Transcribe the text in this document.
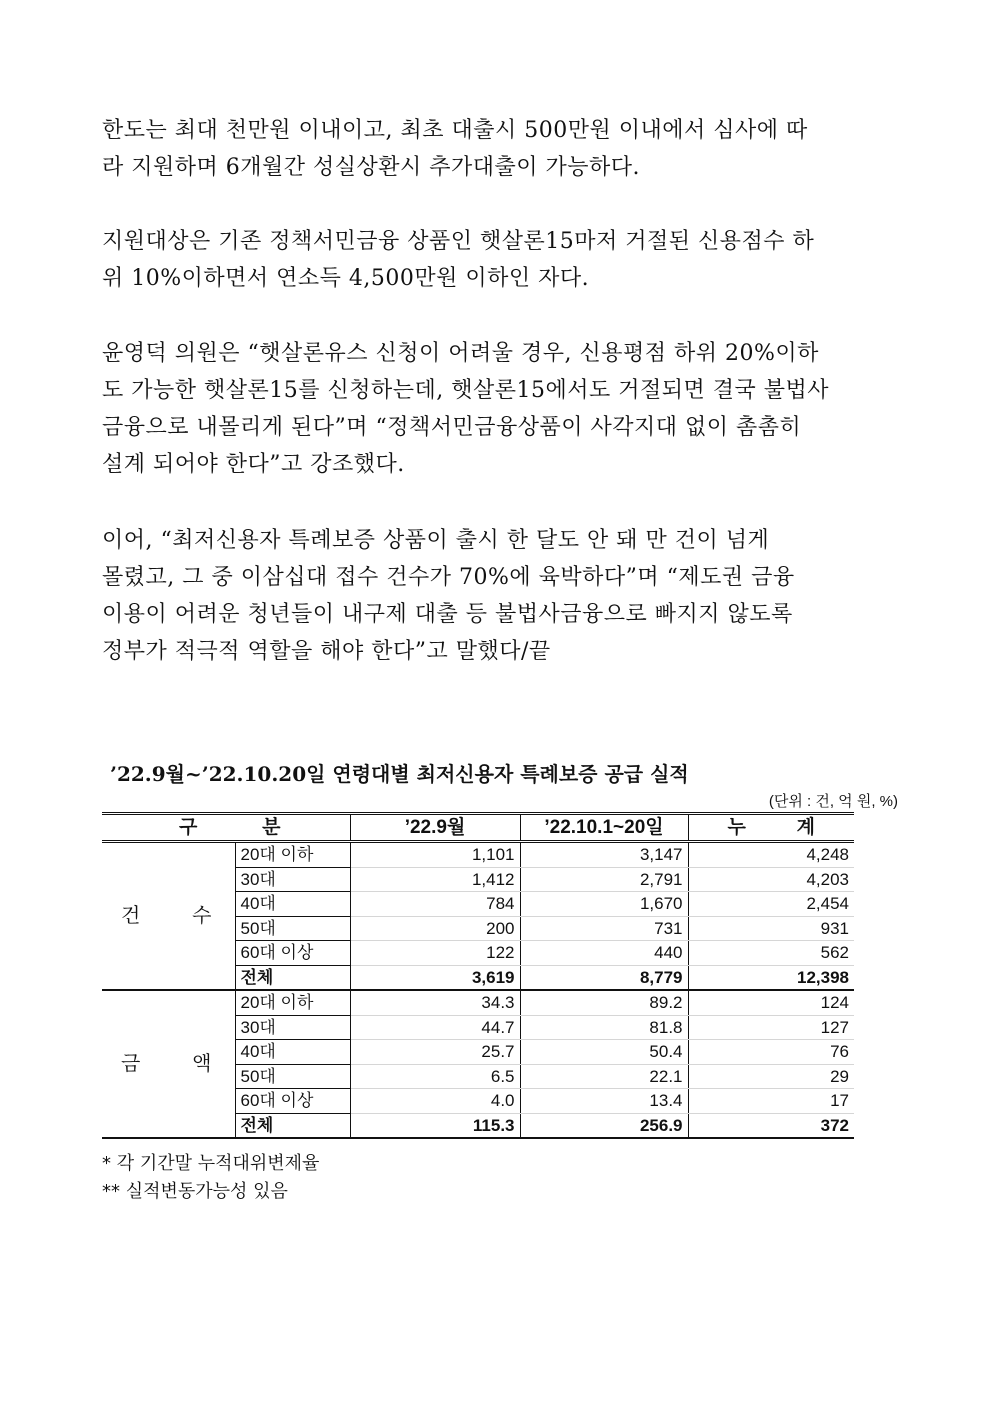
한도는 최대 천만원 이내이고, 최초 대출시 500만원 이내에서 심사에 따
라 지원하며 6개월간 성실상환시 추가대출이 가능하다.

지원대상은 기존 정책서민금융 상품인 햇살론15마저 거절된 신용점수 하
위 10%이하면서 연소득 4,500만원 이하인 자다.

윤영덕 의원은 “햇살론유스 신청이 어려울 경우, 신용평점 하위 20%이하
도 가능한 햇살론15를 신청하는데, 햇살론15에서도 거절되면 결국 불법사
금융으로 내몰리게 된다”며 “정책서민금융상품이 사각지대 없이 촘촘히
설계 되어야 한다”고 강조했다.

이어, “최저신용자 특례보증 상품이 출시 한 달도 안 돼 만 건이 넘게
몰렸고, 그 중 이삼십대 접수 건수가 70%에 육박하다”며 “제도권 금융
이용이 어려운 청년들이 내구제 대출 등 불법사금융으로 빠지지 않도록
정부가 적극적 역할을 해야 한다”고 말했다/끝

’22.9월~’22.10.20일 연령대별 최저신용자 특례보증 공급 실적
(단위 : 건, 억 원, %)
구 분		’22.9월	’22.10.1~20일	누 계

건 수	20대 이하	1,101	3,147	4,248
	30대	1,412	2,791	4,203
	40대	784	1,670	2,454
	50대	200	731	931
	60대 이상	122	440	562
	전체	3,619	8,779	12,398

금 액	20대 이하	34.3	89.2	124
	30대	44.7	81.8	127
	40대	25.7	50.4	76
	50대	6.5	22.1	29
	60대 이상	4.0	13.4	17
	전체	115.3	256.9	372
* 각 기간말 누적대위변제율
** 실적변동가능성 있음
